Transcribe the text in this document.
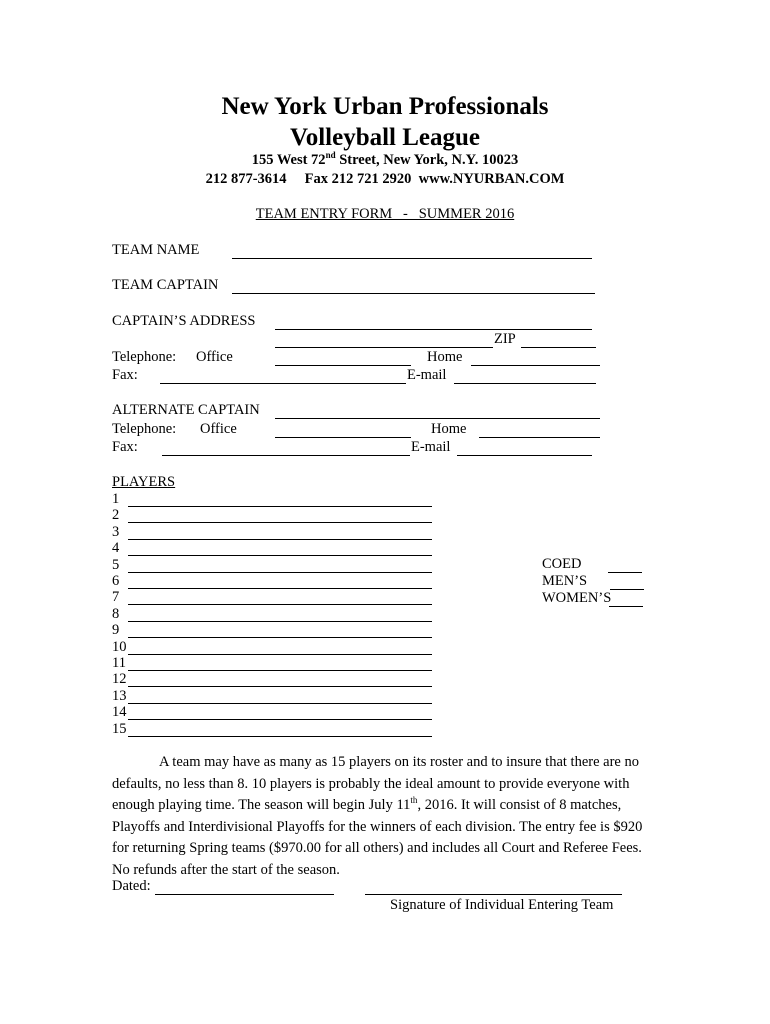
New York Urban Professionals
Volleyball League
155 West 72nd Street, New York, N.Y. 10023
212 877-3614     Fax 212 721 2920  www.NYURBAN.COM
TEAM ENTRY FORM   -   SUMMER 2016
TEAM NAME
TEAM CAPTAIN
CAPTAIN’S ADDRESS
ZIP
Telephone: Office	Home
Fax:	E-mail
ALTERNATE CAPTAIN
Telephone: Office	Home
Fax:	E-mail
PLAYERS
1
2
3
4
5
6
7
8
9
10
11
12
13
14
15
COED
MEN’S
WOMEN’S
A team may have as many as 15 players on its roster and to insure that there are no defaults, no less than 8. 10 players is probably the ideal amount to provide everyone with enough playing time. The season will begin July 11th, 2016. It will consist of 8 matches, Playoffs and Interdivisional Playoffs for the winners of each division. The entry fee is $920 for returning Spring teams ($970.00 for all others) and includes all Court and Referee Fees. No refunds after the start of the season.
Dated:
Signature of Individual Entering Team
